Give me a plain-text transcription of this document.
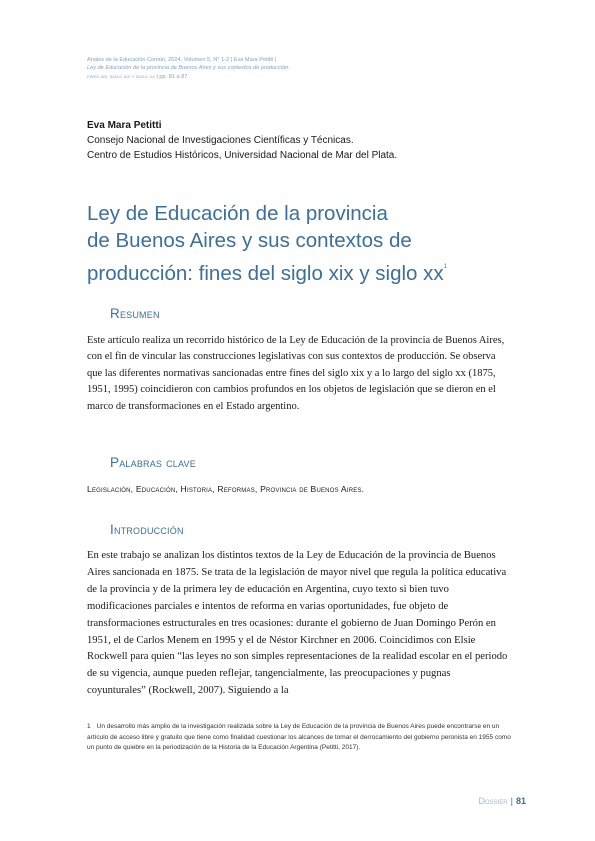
Anales de la Educación Común, 2024, Volumen 5, N° 1-2 | Eva Mara Petitti |
Ley de Educación de la provincia de Buenos Aires y sus contextos de producción:
fines del siglo xix y siglo xx | pp. 81 a 87
Eva Mara Petitti
Consejo Nacional de Investigaciones Científicas y Técnicas.
Centro de Estudios Históricos, Universidad Nacional de Mar del Plata.
Ley de Educación de la provincia
de Buenos Aires y sus contextos de
producción: fines del siglo xix y siglo $xx^1$
Resumen
Este artículo realiza un recorrido histórico de la Ley de Educación de la provincia de Buenos Aires, con el fin de vincular las construcciones legislativas con sus contextos de producción. Se observa que las diferentes normativas sancionadas entre fines del siglo xix y a lo largo del siglo xx (1875, 1951, 1995) coincidieron con cambios profundos en los objetos de legislación que se dieron en el marco de transformaciones en el Estado argentino.
Palabras clave
Legislación, Educación, Historia, Reformas, Provincia de Buenos Aires.
Introducción
En este trabajo se analizan los distintos textos de la Ley de Educación de la provincia de Buenos Aires sancionada en 1875. Se trata de la legislación de mayor nivel que regula la política educativa de la provincia y de la primera ley de educación en Argentina, cuyo texto si bien tuvo modificaciones parciales e intentos de reforma en varias oportunidades, fue objeto de transformaciones estructurales en tres ocasiones: durante el gobierno de Juan Domingo Perón en 1951, el de Carlos Menem en 1995 y el de Néstor Kirchner en 2006. Coincidimos con Elsie Rockwell para quien “las leyes no son simples representaciones de la realidad escolar en el periodo de su vigencia, aunque pueden reflejar, tangencialmente, las preocupaciones y pugnas coyunturales” (Rockwell, 2007). Siguiendo a la
1 Un desarrollo más amplio de la investigación realizada sobre la Ley de Educación de la provincia de Buenos Aires puede encontrarse en un artículo de acceso libre y gratuito que tiene como finalidad cuestionar los alcances de tomar el derrocamiento del gobierno peronista en 1955 como un punto de quiebre en la periodización de la Historia de la Educación Argentina (Petitti, 2017).
Dossier | 81
